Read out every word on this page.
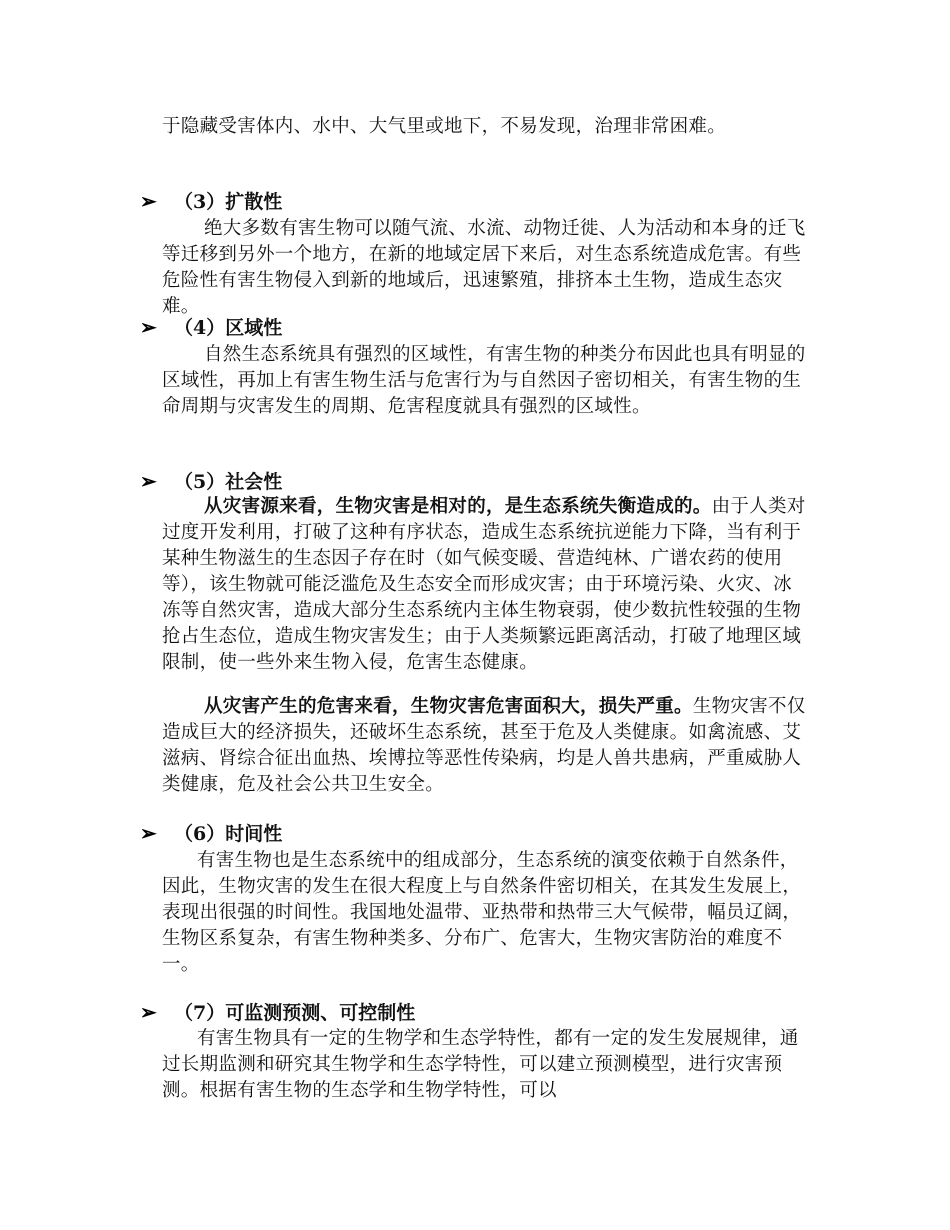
于隐藏受害体内、水中、大气里或地下，不易发现，治理非常困难。

➢ （3）扩散性

绝大多数有害生物可以随气流、水流、动物迁徙、人为活动和本身的迁飞等迁移到另外一个地方，在新的地域定居下来后，对生态系统造成危害。有些危险性有害生物侵入到新的地域后，迅速繁殖，排挤本土生物，造成生态灾难。

➢ （4）区域性

自然生态系统具有强烈的区域性，有害生物的种类分布因此也具有明显的区域性，再加上有害生物生活与危害行为与自然因子密切相关，有害生物的生命周期与灾害发生的周期、危害程度就具有强烈的区域性。

➢ （5）社会性

从灾害源来看，生物灾害是相对的，是生态系统失衡造成的。由于人类对过度开发利用，打破了这种有序状态，造成生态系统抗逆能力下降，当有利于某种生物滋生的生态因子存在时（如气候变暖、营造纯林、广谱农药的使用等），该生物就可能泛滥危及生态安全而形成灾害；由于环境污染、火灾、冰冻等自然灾害，造成大部分生态系统内主体生物衰弱，使少数抗性较强的生物抢占生态位，造成生物灾害发生；由于人类频繁远距离活动，打破了地理区域限制，使一些外来生物入侵，危害生态健康。

从灾害产生的危害来看，生物灾害危害面积大，损失严重。生物灾害不仅造成巨大的经济损失，还破坏生态系统，甚至于危及人类健康。如禽流感、艾滋病、肾综合征出血热、埃博拉等恶性传染病，均是人兽共患病，严重威胁人类健康，危及社会公共卫生安全。

➢ （6）时间性

有害生物也是生态系统中的组成部分，生态系统的演变依赖于自然条件，因此，生物灾害的发生在很大程度上与自然条件密切相关，在其发生发展上，表现出很强的时间性。我国地处温带、亚热带和热带三大气候带，幅员辽阔，生物区系复杂，有害生物种类多、分布广、危害大，生物灾害防治的难度不一。

➢ （7）可监测预测、可控制性

有害生物具有一定的生物学和生态学特性，都有一定的发生发展规律，通过长期监测和研究其生物学和生态学特性，可以建立预测模型，进行灾害预测。根据有害生物的生态学和生物学特性，可以
